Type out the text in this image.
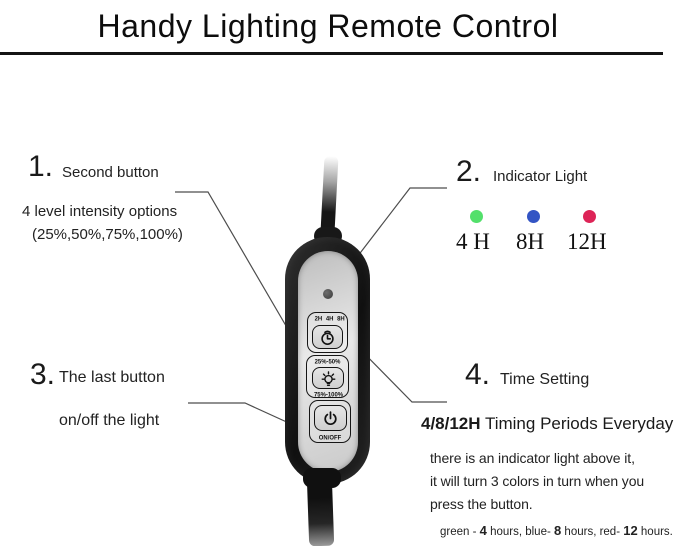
Handy Lighting Remote Control
1. Second button
4 level intensity options
(25%,50%,75%,100%)
2. Indicator Light
4 H 8H 12H
3. The last button
on/off the light
4. Time Setting
4/8/12H Timing Periods Everyday
there is an indicator light above it,
it will turn 3 colors in turn when you
press the button.
green - 4 hours, blue- 8 hours, red- 12 hours.
2H 4H 8H
25%-50%
75%-100%
ON/OFF
